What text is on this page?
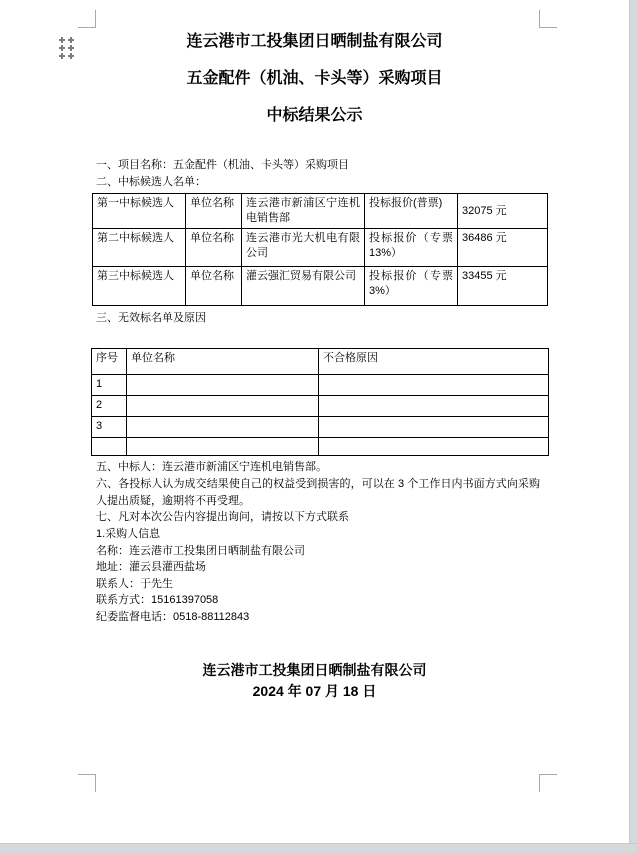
连云港市工投集团日晒制盐有限公司
五金配件（机油、卡头等）采购项目
中标结果公示
一、项目名称：五金配件（机油、卡头等）采购项目
二、中标候选人名单：
第一中标候选人	单位名称	连云港市新浦区宁连机电销售部	投标报价(普票)	32075 元
第二中标候选人	单位名称	连云港市光大机电有限公司	投标报价（专票13%）	36486 元
第三中标候选人	单位名称	灌云强汇贸易有限公司	投标报价（专票3%）	33455 元
三、无效标名单及原因
序号	单位名称	不合格原因
1		
2		
3		

五、中标人：连云港市新浦区宁连机电销售部。
六、各投标人认为成交结果使自己的权益受到损害的，可以在 3 个工作日内书面方式向采购人提出质疑，逾期将不再受理。
七、凡对本次公告内容提出询问，请按以下方式联系
1.采购人信息
名称：连云港市工投集团日晒制盐有限公司
地址：灌云县灌西盐场
联系人：于先生
联系方式：15161397058
纪委监督电话：0518-88112843
连云港市工投集团日晒制盐有限公司
2024 年 07 月 18 日
